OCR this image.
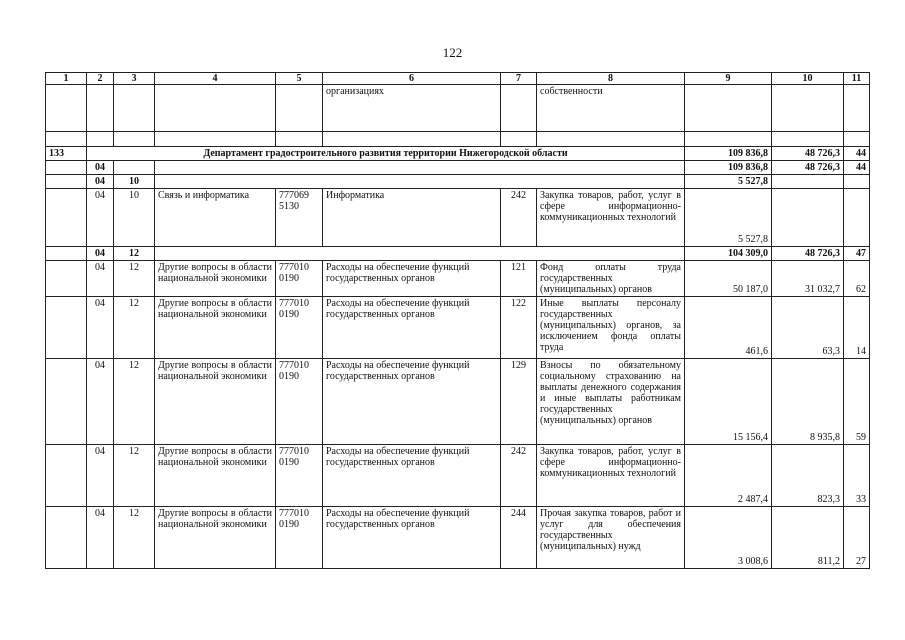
122
1	2	3	4	5	6	7	8	9	10	11
					организациях		собственности			

133	Департамент градостроительного развития территории Нижегородской области							109 836,8	48 726,3	44
	04							109 836,8	48 726,3	44
	04	10						5 527,8		
	04	10	Связь и информатика	777069 5130	Информатика	242	Закупка товаров, работ, услуг в сфере информационно-коммуникационных технологий	5 527,8		
	04	12						104 309,0	48 726,3	47
	04	12	Другие вопросы в области национальной экономики	777010 0190	Расходы на обеспечение функций государственных органов	121	Фонд оплаты труда государственных (муниципальных) органов	50 187,0	31 032,7	62
	04	12	Другие вопросы в области национальной экономики	777010 0190	Расходы на обеспечение функций государственных органов	122	Иные выплаты персоналу государственных (муниципальных) органов, за исключением фонда оплаты труда	461,6	63,3	14
	04	12	Другие вопросы в области национальной экономики	777010 0190	Расходы на обеспечение функций государственных органов	129	Взносы по обязательному социальному страхованию на выплаты денежного содержания и иные выплаты работникам государственных (муниципальных) органов	15 156,4	8 935,8	59
	04	12	Другие вопросы в области национальной экономики	777010 0190	Расходы на обеспечение функций государственных органов	242	Закупка товаров, работ, услуг в сфере информационно-коммуникационных технологий	2 487,4	823,3	33
	04	12	Другие вопросы в области национальной экономики	777010 0190	Расходы на обеспечение функций государственных органов	244	Прочая закупка товаров, работ и услуг для обеспечения государственных (муниципальных) нужд	3 008,6	811,2	27
